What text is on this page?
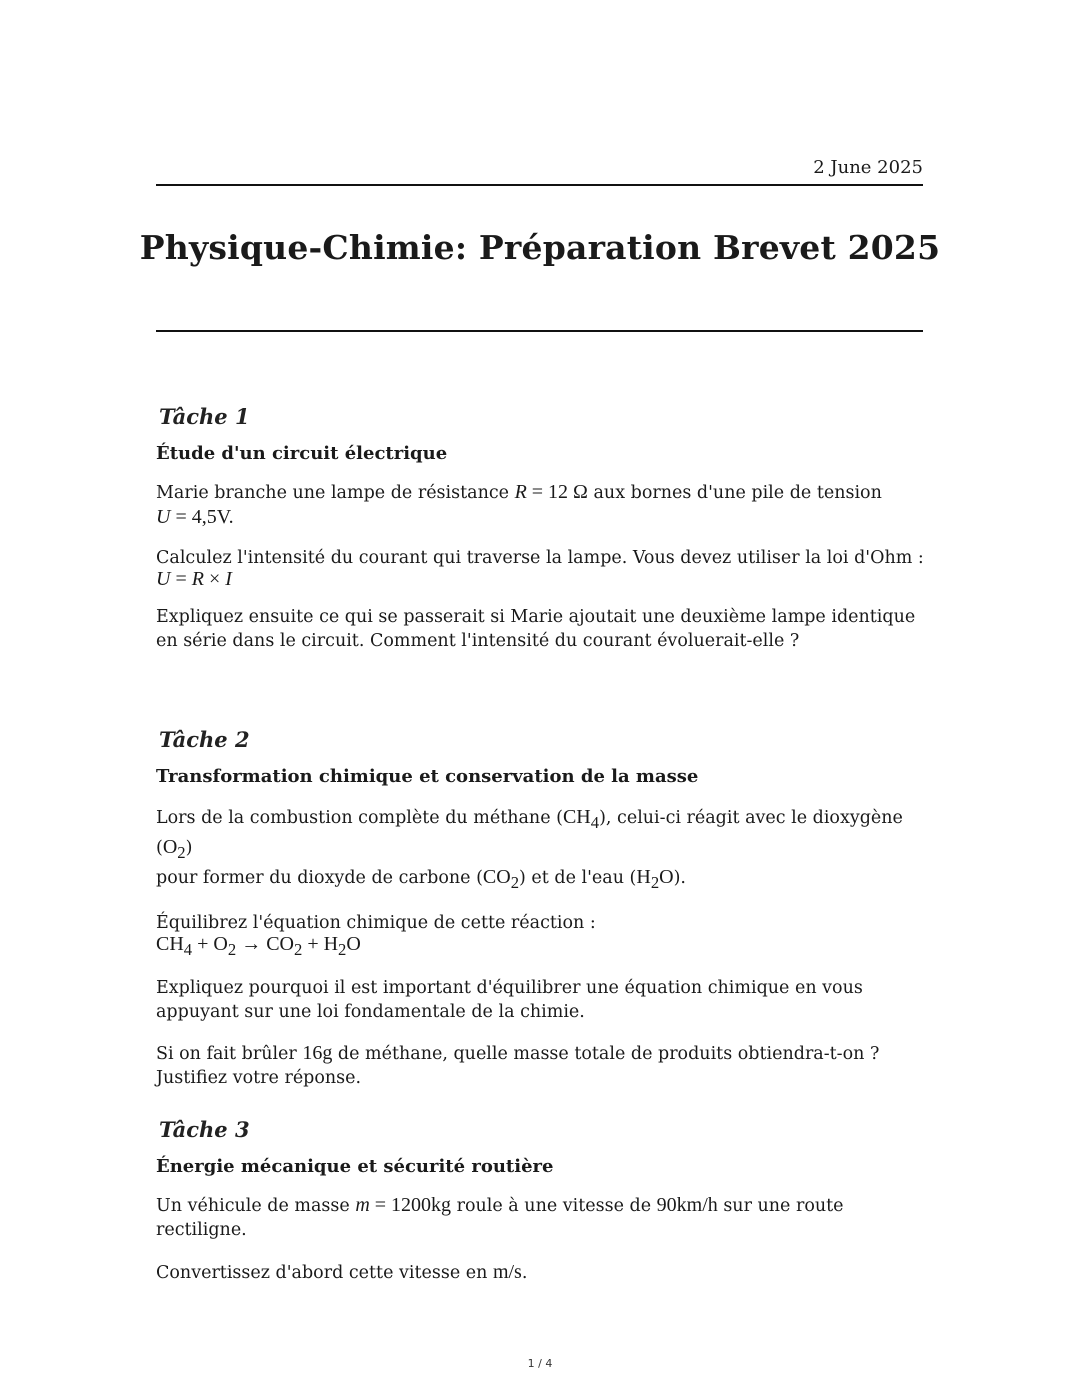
2 June 2025
Physique-Chimie: Préparation Brevet 2025
Tâche 1
Étude d'un circuit électrique

Marie branche une lampe de résistance R = 12 Ω aux bornes d'une pile de tension
U = 4,5V.

Calculez l'intensité du courant qui traverse la lampe. Vous devez utiliser la loi d'Ohm :
U = R × I

Expliquez ensuite ce qui se passerait si Marie ajoutait une deuxième lampe identique en série dans le circuit. Comment l'intensité du courant évoluerait-elle ?

Tâche 2
Transformation chimique et conservation de la masse

Lors de la combustion complète du méthane $(CH_4)$, celui-ci réagit avec le dioxygène $(O_2)$
pour former du dioxyde de carbone $(CO_2)$ et de l'eau $(H_2O)$.

Équilibrez l'équation chimique de cette réaction :
$CH_4 + O_2 \to CO_2 + H_2O$

Expliquez pourquoi il est important d'équilibrer une équation chimique en vous appuyant sur une loi fondamentale de la chimie.

Si on fait brûler 16g de méthane, quelle masse totale de produits obtiendra-t-on ? Justifiez votre réponse.

Tâche 3
Énergie mécanique et sécurité routière

Un véhicule de masse m = 1200kg roule à une vitesse de 90km/h sur une route rectiligne.

Convertissez d'abord cette vitesse en m/s.

1 / 4
